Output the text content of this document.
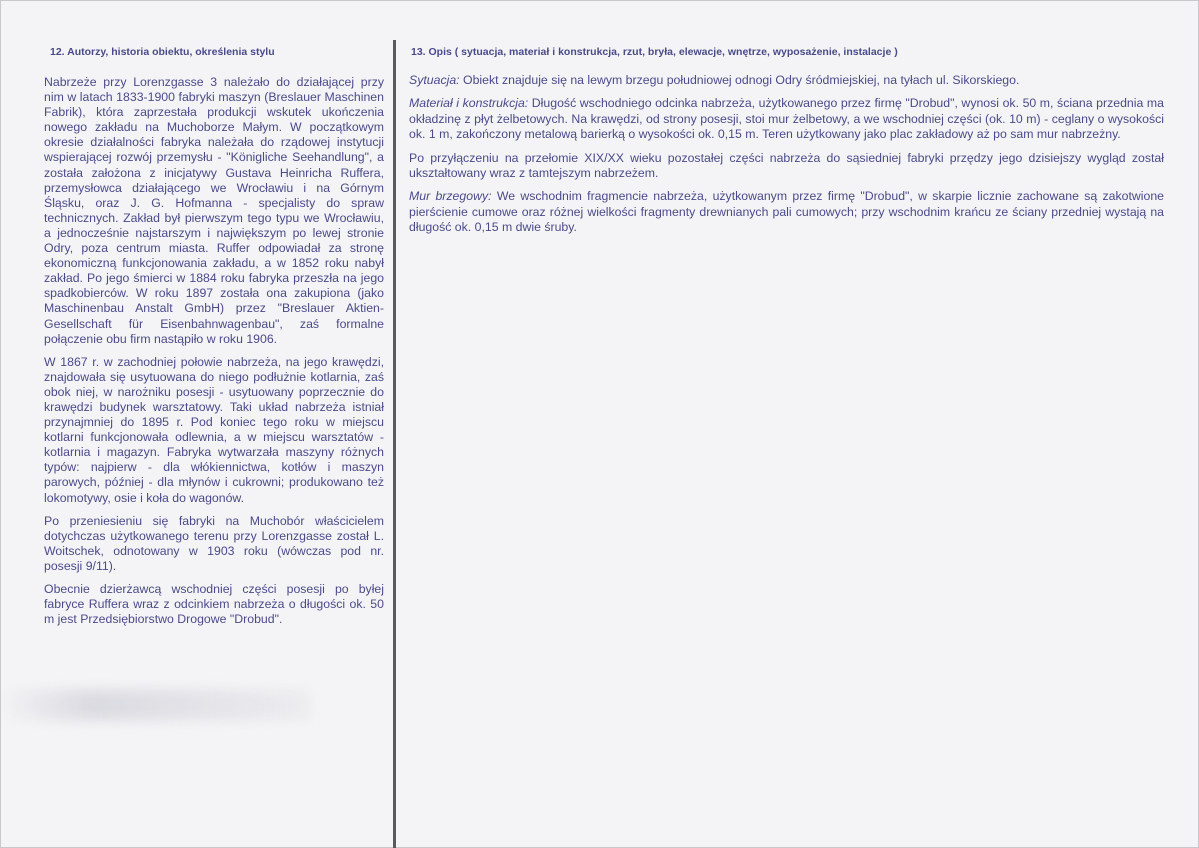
12. Autorzy, historia obiektu, określenia stylu

Nabrzeże przy Lorenzgasse 3 należało do działającej przy nim w latach 1833-1900 fabryki maszyn (Breslauer Maschinen Fabrik), która zaprzestała produkcji wskutek ukończenia nowego zakładu na Muchoborze Małym. W początkowym okresie działalności fabryka należała do rządowej instytucji wspierającej rozwój przemysłu - "Königliche Seehandlung", a została założona z inicjatywy Gustava Heinricha Ruffera, przemysłowca działającego we Wrocławiu i na Górnym Śląsku, oraz J. G. Hofmanna - specjalisty do spraw technicznych. Zakład był pierwszym tego typu we Wrocławiu, a jednocześnie najstarszym i największym po lewej stronie Odry, poza centrum miasta. Ruffer odpowiadał za stronę ekonomiczną funkcjonowania zakładu, a w 1852 roku nabył zakład. Po jego śmierci w 1884 roku fabryka przeszła na jego spadkobierców. W roku 1897 została ona zakupiona (jako Maschinenbau Anstalt GmbH) przez "Breslauer Aktien-Gesellschaft für Eisenbahnwagenbau", zaś formalne połączenie obu firm nastąpiło w roku 1906.

W 1867 r. w zachodniej połowie nabrzeża, na jego krawędzi, znajdowała się usytuowana do niego podłużnie kotlarnia, zaś obok niej, w narożniku posesji - usytuowany poprzecznie do krawędzi budynek warsztatowy. Taki układ nabrzeża istniał przynajmniej do 1895 r. Pod koniec tego roku w miejscu kotlarni funkcjonowała odlewnia, a w miejscu warsztatów - kotlarnia i magazyn. Fabryka wytwarzała maszyny różnych typów: najpierw - dla włókiennictwa, kotłów i maszyn parowych, później - dla młynów i cukrowni; produkowano też lokomotywy, osie i koła do wagonów.

Po przeniesieniu się fabryki na Muchobór właścicielem dotychczas użytkowanego terenu przy Lorenzgasse został L. Woitschek, odnotowany w 1903 roku (wówczas pod nr. posesji 9/11).

Obecnie dzierżawcą wschodniej części posesji po byłej fabryce Ruffera wraz z odcinkiem nabrzeża o długości ok. 50 m jest Przedsiębiorstwo Drogowe "Drobud".

13. Opis ( sytuacja, materiał i konstrukcja, rzut, bryła, elewacje, wnętrze, wyposażenie, instalacje )

Sytuacja: Obiekt znajduje się na lewym brzegu południowej odnogi Odry śródmiejskiej, na tyłach ul. Sikorskiego.

Materiał i konstrukcja: Długość wschodniego odcinka nabrzeża, użytkowanego przez firmę "Drobud", wynosi ok. 50 m, ściana przednia ma okładzinę z płyt żelbetowych. Na krawędzi, od strony posesji, stoi mur żelbetowy, a we wschodniej części (ok. 10 m) - ceglany o wysokości ok. 1 m, zakończony metalową barierką o wysokości ok. 0,15 m. Teren użytkowany jako plac zakładowy aż po sam mur nabrzeżny.

Po przyłączeniu na przełomie XIX/XX wieku pozostałej części nabrzeża do sąsiedniej fabryki przędzy jego dzisiejszy wygląd został ukształtowany wraz z tamtejszym nabrzeżem.

Mur brzegowy: We wschodnim fragmencie nabrzeża, użytkowanym przez firmę "Drobud", w skarpie licznie zachowane są zakotwione pierścienie cumowe oraz różnej wielkości fragmenty drewnianych pali cumowych; przy wschodnim krańcu ze ściany przedniej wystają na długość ok. 0,15 m dwie śruby.
